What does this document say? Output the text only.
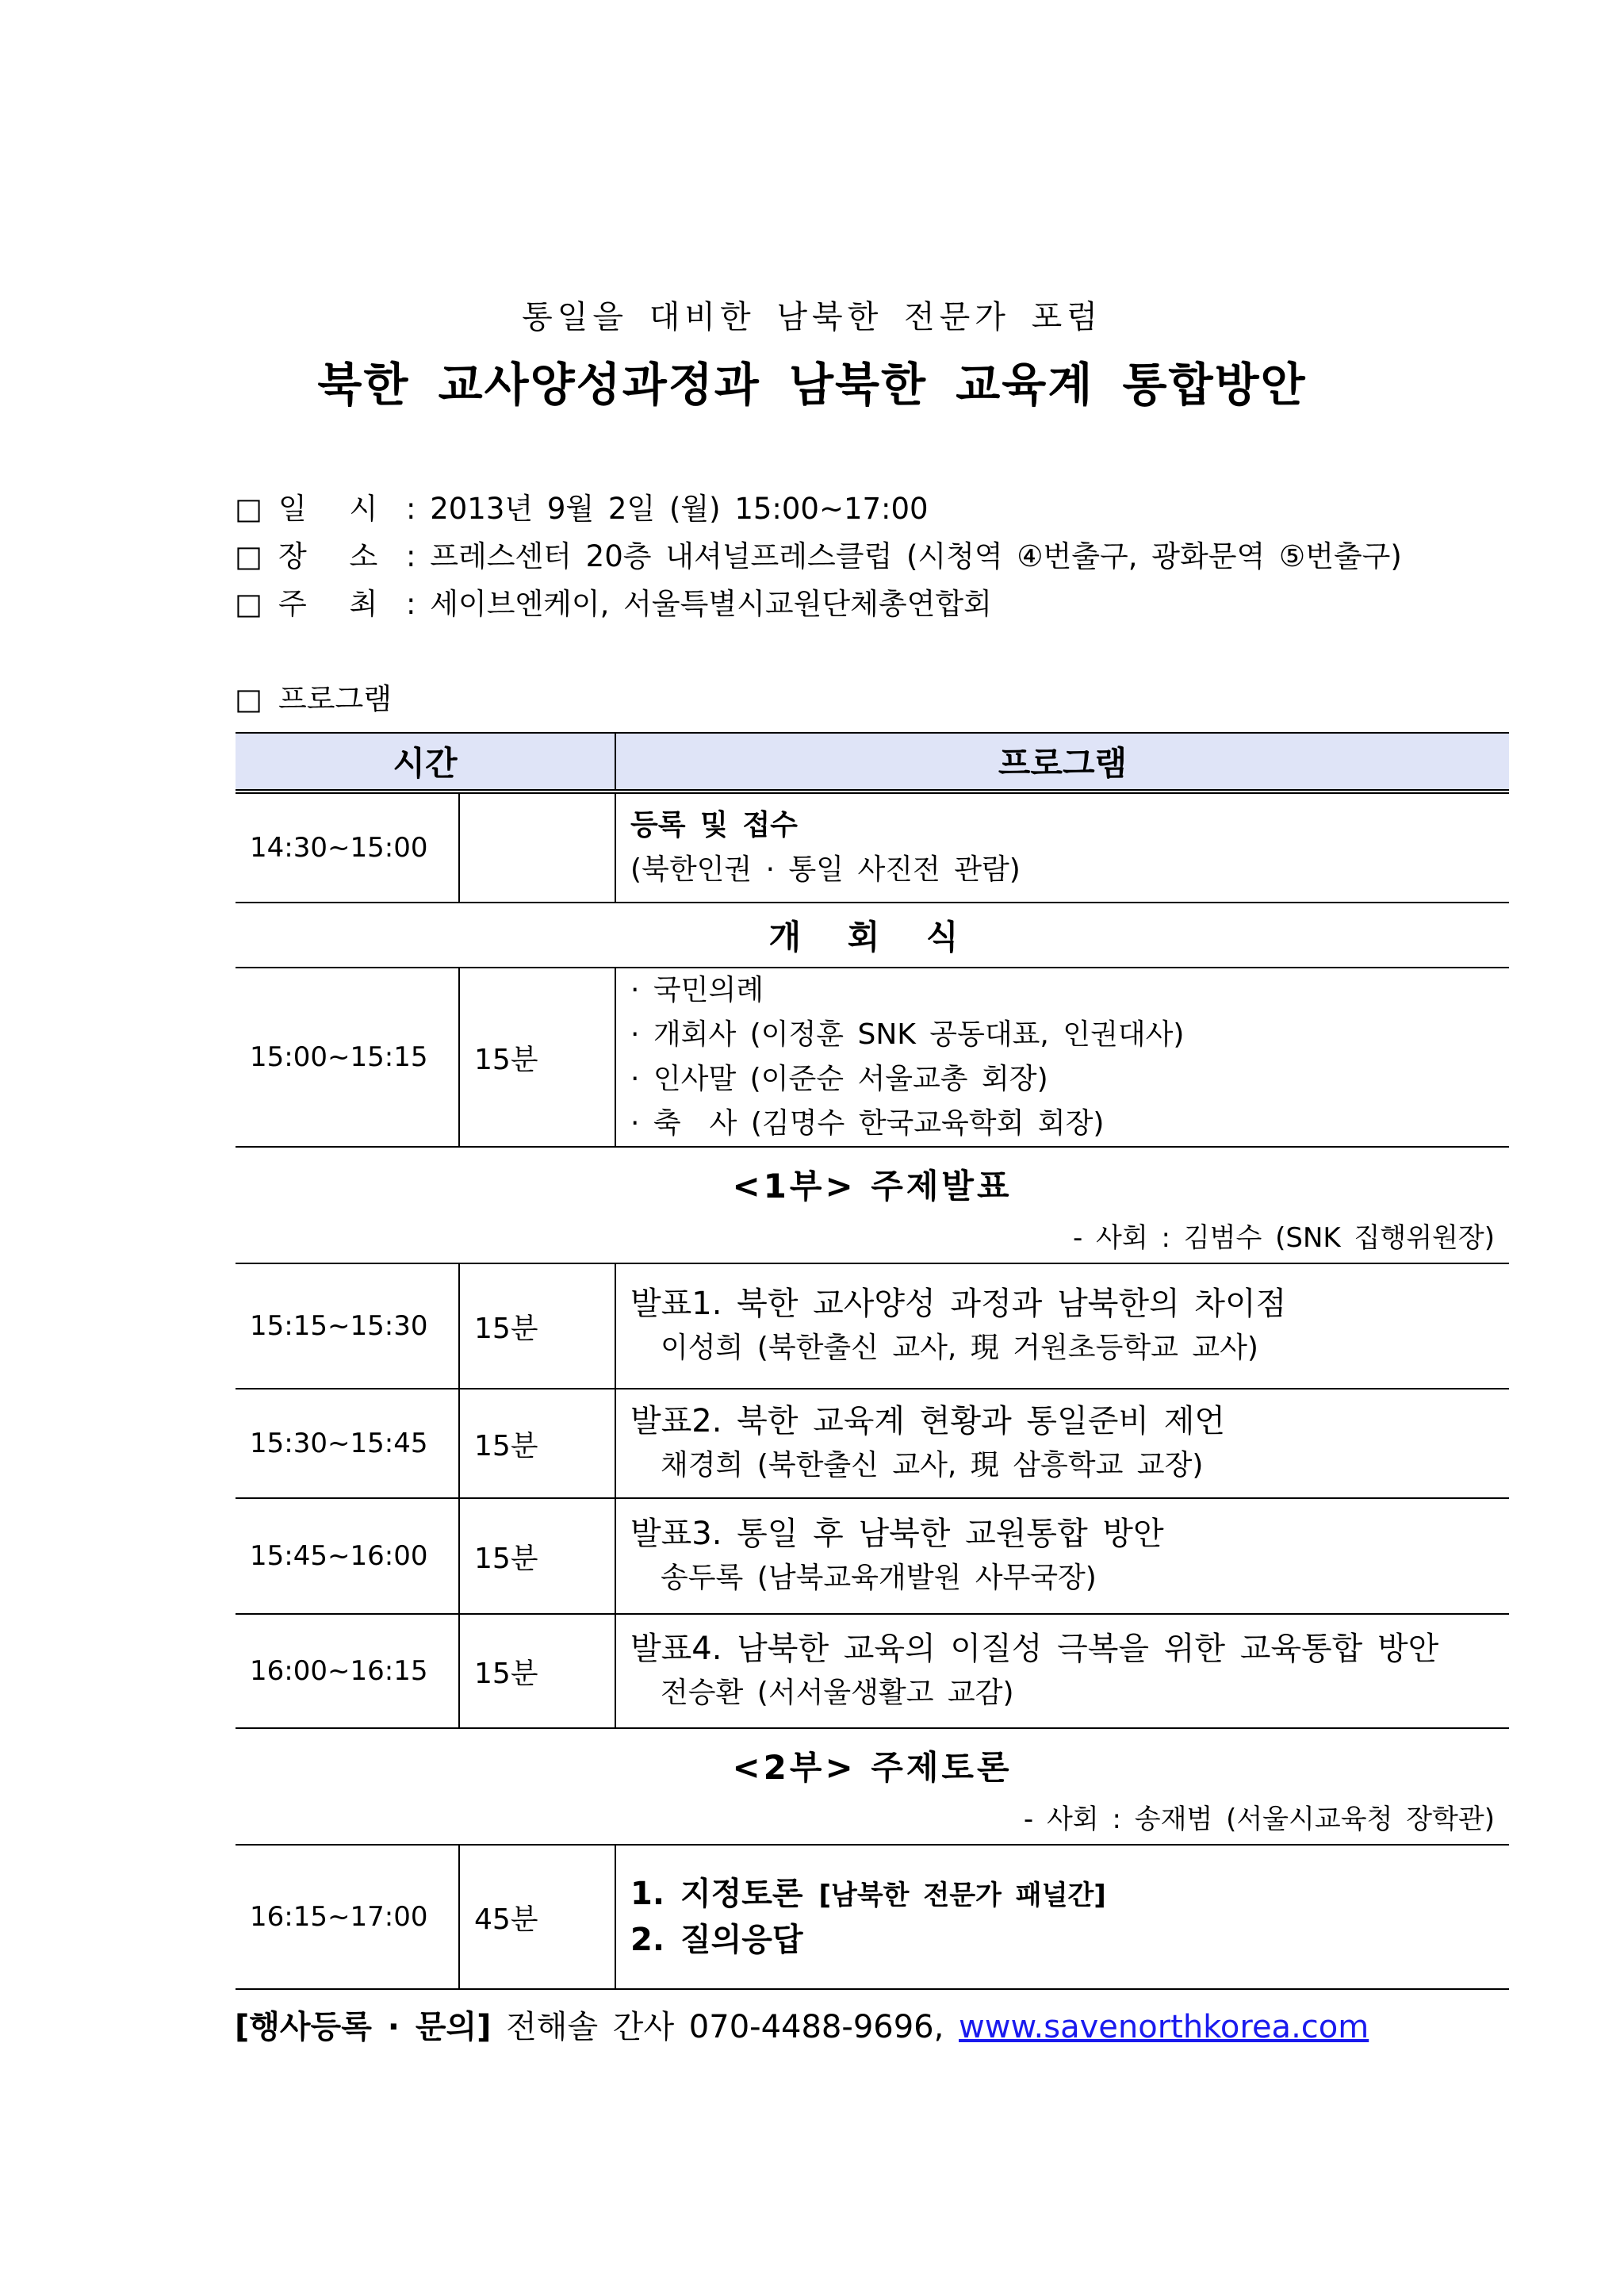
통일을 대비한 남북한 전문가 포럼
북한 교사양성과정과 남북한 교육계 통합방안
□ 일 시 : 2013년 9월 2일 (월) 15:00~17:00
□ 장 소 : 프레스센터 20층 내셔널프레스클럽 (시청역 ④번출구, 광화문역 ⑤번출구)
□ 주 최 : 세이브엔케이, 서울특별시교원단체총연합회
□ 프로그램
시간		프로그램
14:30~15:00		등록 및 접수
(북한인권 · 통일 사진전 관람)

개 회 식		
15:00~15:15	15분	· 국민의례
· 개회사 (이정훈 SNK 공동대표, 인권대사)
· 인사말 (이준순 서울교총 회장)
· 축　사 (김명수 한국교육학회 회장)

<1부> 주제발표
- 사회 : 김범수 (SNK 집행위원장)		

15:15~15:30	15분	발표1. 북한 교사양성 과정과 남북한의 차이점
이성희 (북한출신 교사, 現 거원초등학교 교사)

15:30~15:45	15분	발표2. 북한 교육계 현황과 통일준비 제언
채경희 (북한출신 교사, 現 삼흥학교 교장)

15:45~16:00	15분	발표3. 통일 후 남북한 교원통합 방안
송두록 (남북교육개발원 사무국장)

16:00~16:15	15분	발표4. 남북한 교육의 이질성 극복을 위한 교육통합 방안
전승환 (서서울생활고 교감)

<2부> 주제토론
- 사회 : 송재범 (서울시교육청 장학관)		

16:15~17:00	45분	1. 지정토론 [남북한 전문가 패널간]
2. 질의응답
[행사등록 · 문의] 전해솔 간사 070-4488-9696, www.savenorthkorea.com
